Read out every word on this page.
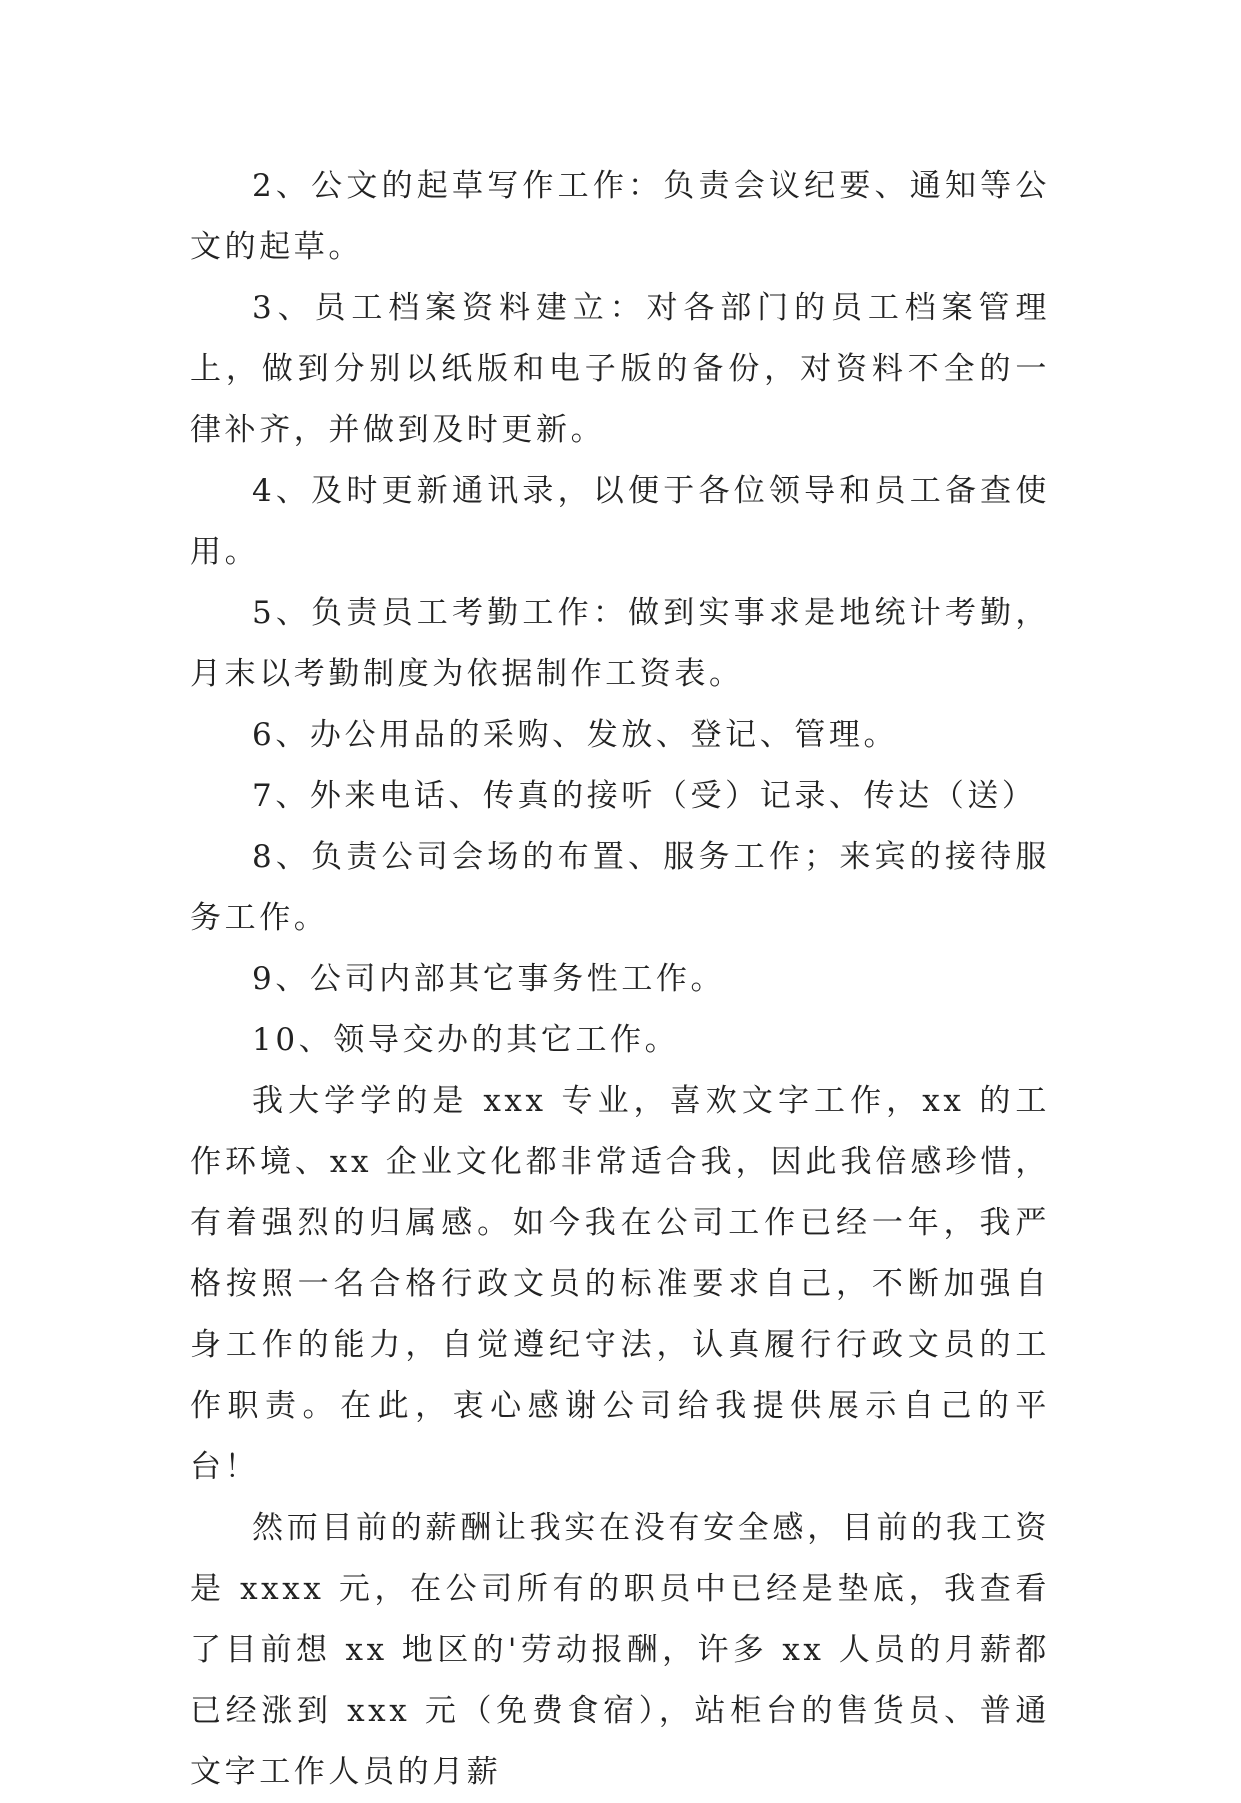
2、公文的起草写作工作：负责会议纪要、通知等公文的起草。

3、员工档案资料建立：对各部门的员工档案管理上，做到分别以纸版和电子版的备份，对资料不全的一律补齐，并做到及时更新。

4、及时更新通讯录，以便于各位领导和员工备查使用。

5、负责员工考勤工作：做到实事求是地统计考勤，月末以考勤制度为依据制作工资表。

6、办公用品的采购、发放、登记、管理。

7、外来电话、传真的接听（受）记录、传达（送）

8、负责公司会场的布置、服务工作；来宾的接待服务工作。

9、公司内部其它事务性工作。

10、领导交办的其它工作。

我大学学的是 xxx 专业，喜欢文字工作，xx 的工作环境、xx 企业文化都非常适合我，因此我倍感珍惜，有着强烈的归属感。如今我在公司工作已经一年，我严格按照一名合格行政文员的标准要求自己，不断加强自身工作的能力，自觉遵纪守法，认真履行行政文员的工作职责。在此，衷心感谢公司给我提供展示自己的平台！

然而目前的薪酬让我实在没有安全感，目前的我工资是 xxxx 元，在公司所有的职员中已经是垫底，我查看了目前想 xx 地区的'劳动报酬，许多 xx 人员的月薪都已经涨到 xxx 元（免费食宿），站柜台的售货员、普通文字工作人员的月薪
